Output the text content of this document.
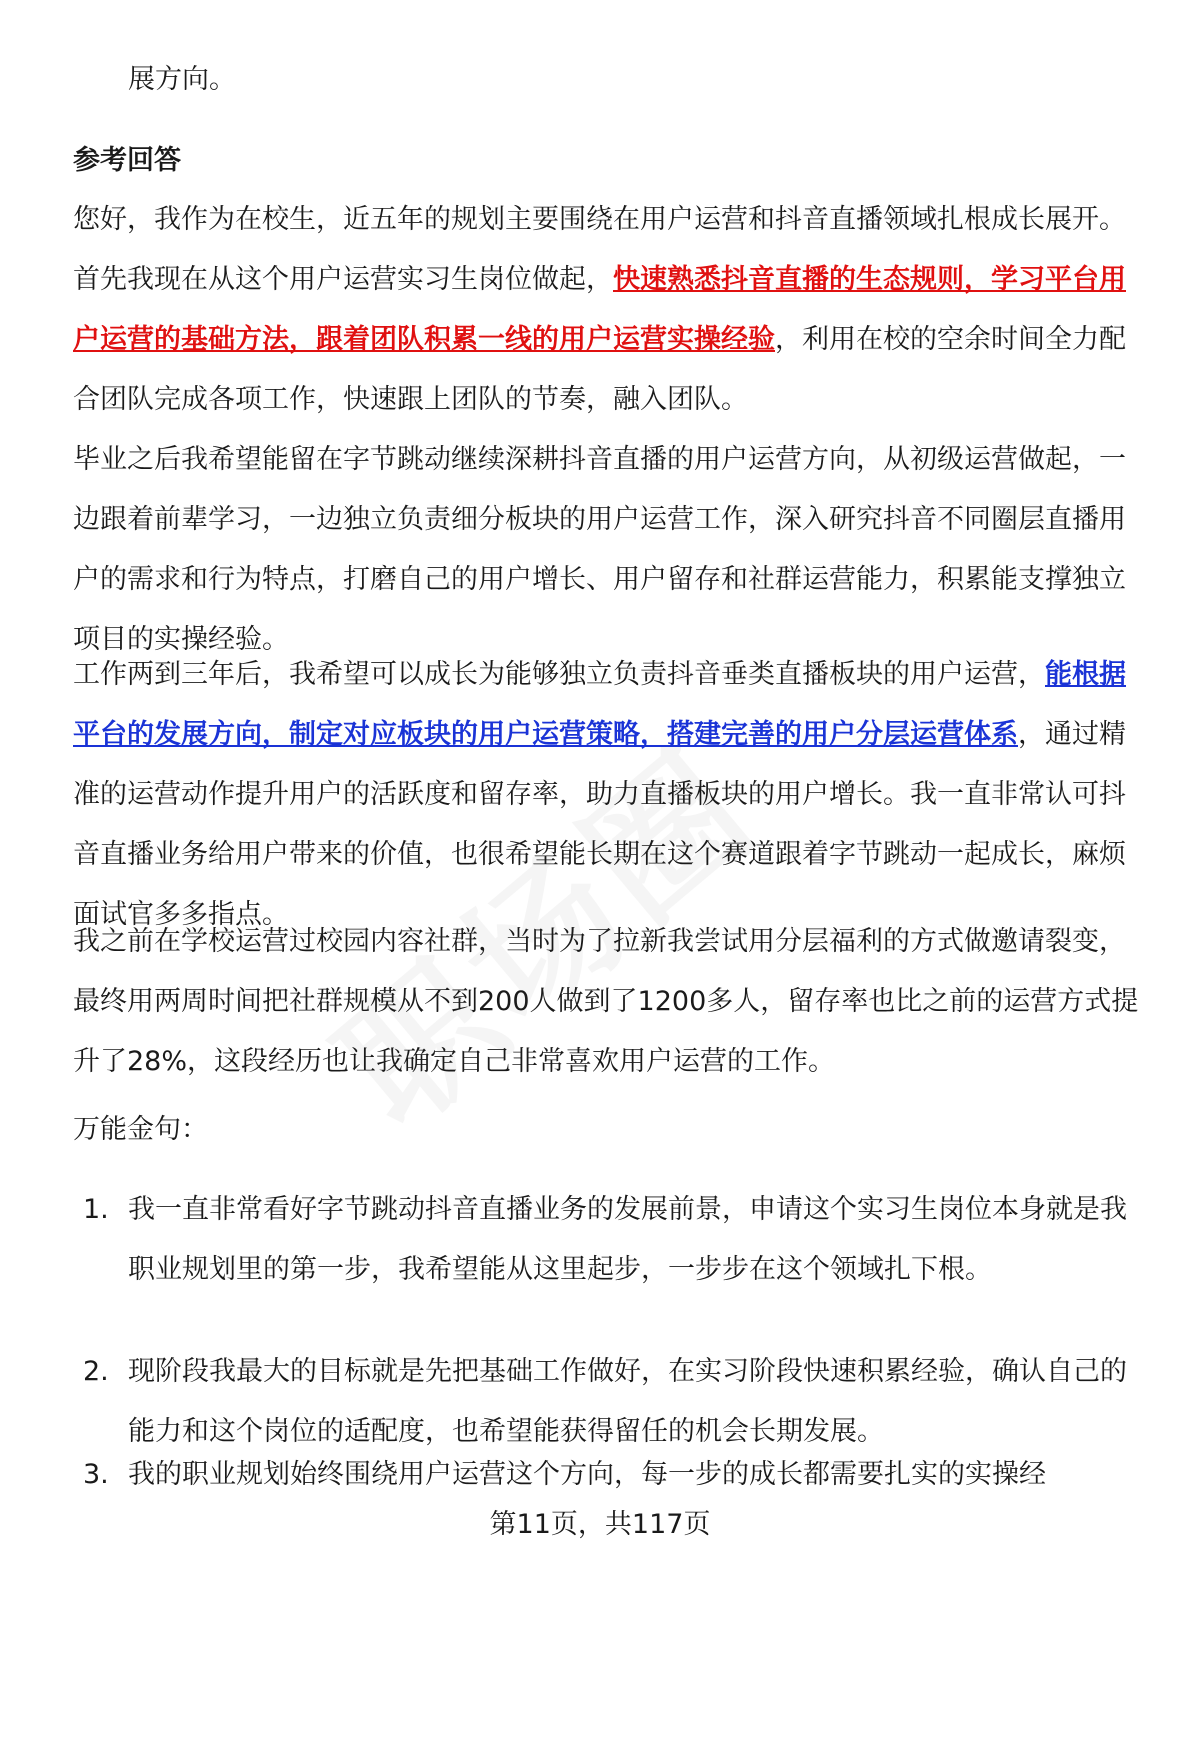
展方向。

参考回答

您好，我作为在校生，近五年的规划主要围绕在用户运营和抖音直播领域扎根成长展开。首先我现在从这个用户运营实习生岗位做起，快速熟悉抖音直播的生态规则，学习平台用户运营的基础方法，跟着团队积累一线的用户运营实操经验，利用在校的空余时间全力配合团队完成各项工作，快速跟上团队的节奏，融入团队。

毕业之后我希望能留在字节跳动继续深耕抖音直播的用户运营方向，从初级运营做起，一边跟着前辈学习，一边独立负责细分板块的用户运营工作，深入研究抖音不同圈层直播用户的需求和行为特点，打磨自己的用户增长、用户留存和社群运营能力，积累能支撑独立项目的实操经验。

工作两到三年后，我希望可以成长为能够独立负责抖音垂类直播板块的用户运营，能根据平台的发展方向，制定对应板块的用户运营策略，搭建完善的用户分层运营体系，通过精准的运营动作提升用户的活跃度和留存率，助力直播板块的用户增长。我一直非常认可抖音直播业务给用户带来的价值，也很希望能长期在这个赛道跟着字节跳动一起成长，麻烦面试官多多指点。

我之前在学校运营过校园内容社群，当时为了拉新我尝试用分层福利的方式做邀请裂变，最终用两周时间把社群规模从不到200人做到了1200多人，留存率也比之前的运营方式提升了28%，这段经历也让我确定自己非常喜欢用户运营的工作。

万能金句：

1. 我一直非常看好字节跳动抖音直播业务的发展前景，申请这个实习生岗位本身就是我职业规划里的第一步，我希望能从这里起步，一步步在这个领域扎下根。

2. 现阶段我最大的目标就是先把基础工作做好，在实习阶段快速积累经验，确认自己的能力和这个岗位的适配度，也希望能获得留任的机会长期发展。

3. 我的职业规划始终围绕用户运营这个方向，每一步的成长都需要扎实的实操经

第11页，共117页
